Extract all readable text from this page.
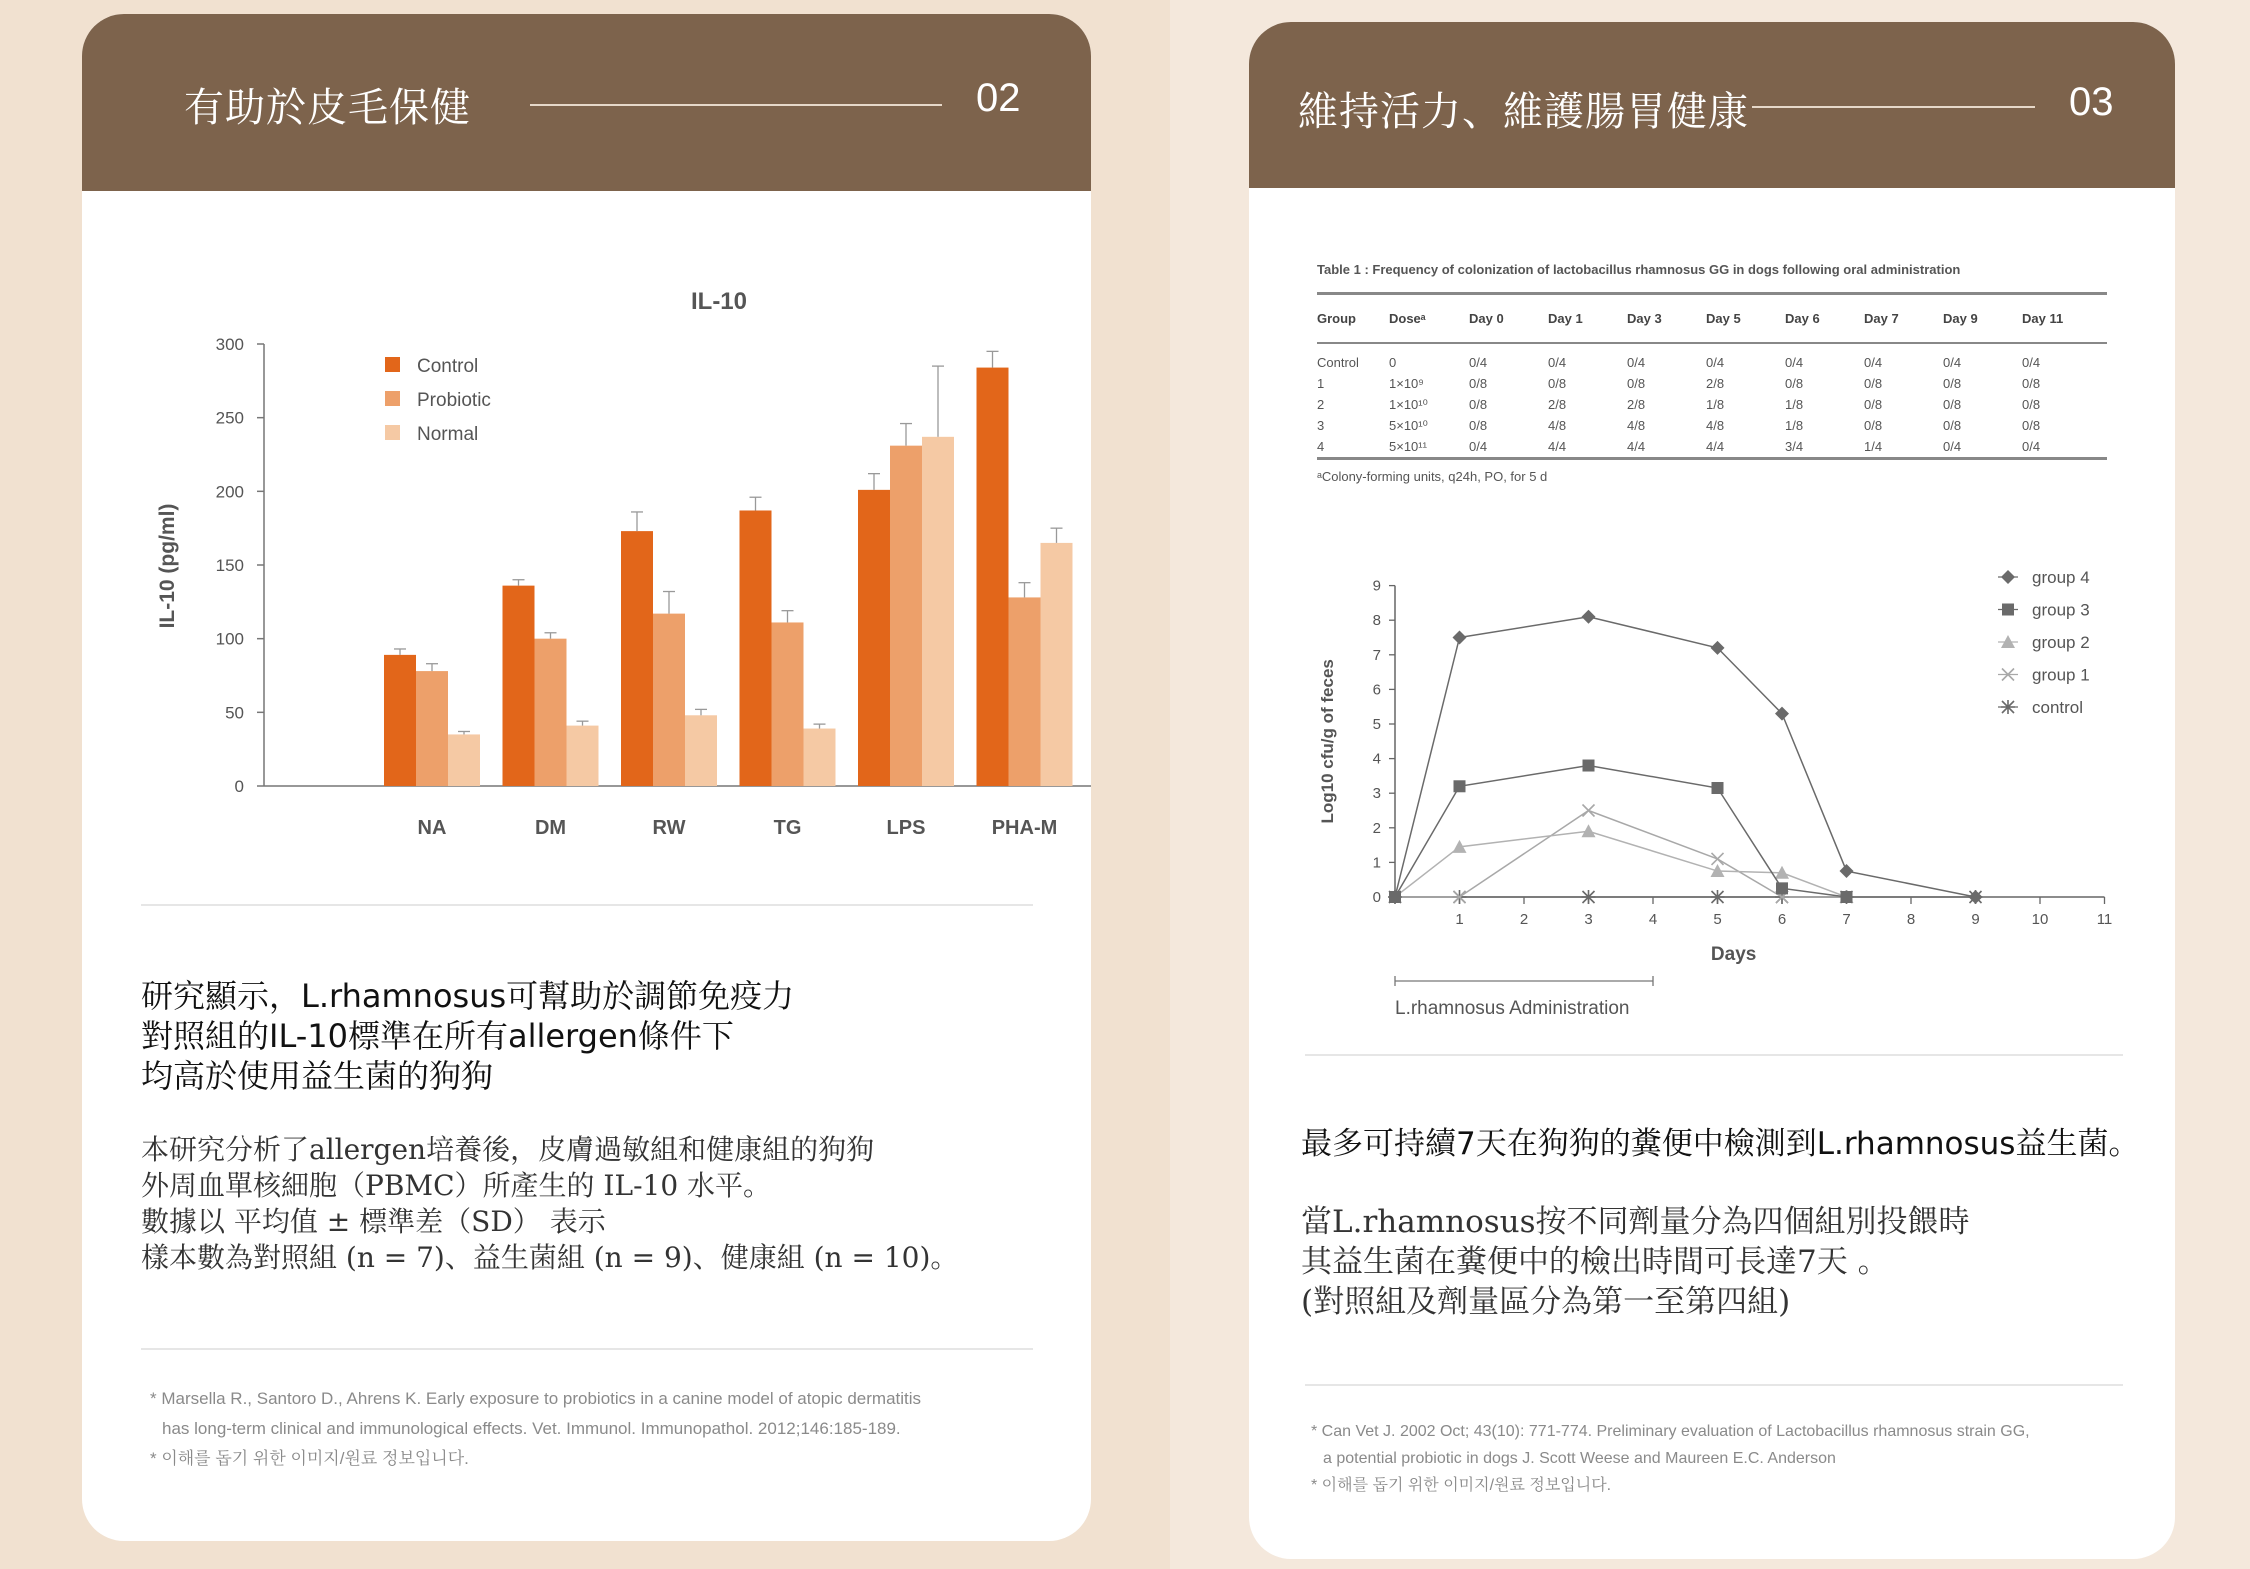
有助於皮毛保健	02
IL-10
IL-10 (pg/ml)
0
50
100
150
200
250
300
NA	DM	RW	TG	LPS	PHA-M
Control
Probiotic
Normal
研究顯示，L.rhamnosus可幫助於調節免疫力
對照組的IL-10標準在所有allergen條件下
均高於使用益生菌的狗狗
本研究分析了allergen培養後，皮膚過敏組和健康組的狗狗
外周血單核細胞（PBMC）所產生的 IL-10 水平。
數據以 平均值 ± 標準差（SD） 表示
樣本數為對照組 (n = 7)、益生菌組 (n = 9)、健康組 (n = 10)。
* Marsella R., Santoro D., Ahrens K. Early exposure to probiotics in a canine model of atopic dermatitis
has long-term clinical and immunological effects. Vet. Immunol. Immunopathol. 2012;146:185-189.
* 이해를 돕기 위한 이미지/원료 정보입니다.
維持活力、維護腸胃健康	03
Table 1 : Frequency of colonization of lactobacillus rhamnosus GG in dogs following oral administration
Group	Doseᵃ	Day 0	Day 1	Day 3	Day 5	Day 6	Day 7	Day 9	Day 11
Control	0	0/4	0/4	0/4	0/4	0/4	0/4	0/4	0/4
1	1×10⁹	0/8	0/8	0/8	2/8	0/8	0/8	0/8	0/8
2	1×10¹⁰	0/8	2/8	2/8	1/8	1/8	0/8	0/8	0/8
3	5×10¹⁰	0/8	4/8	4/8	4/8	1/8	0/8	0/8	0/8
4	5×10¹¹	0/4	4/4	4/4	4/4	3/4	1/4	0/4	0/4
ᵃColony-forming units, q24h, PO, for 5 d
0
1
2
3
4
5
6
7
8
9
1	2	3	4	5	6	7	8	9	10	11
Days
Log10 cfu/g of feces
L.rhamnosus Administration
group 4
group 3
group 2
group 1
control
最多可持續7天在狗狗的糞便中檢測到L.rhamnosus益生菌。
當L.rhamnosus按不同劑量分為四個組別投餵時
其益生菌在糞便中的檢出時間可長達7天 。
(對照組及劑量區分為第一至第四組)
* Can Vet J. 2002 Oct; 43(10): 771-774. Preliminary evaluation of Lactobacillus rhamnosus strain GG,
a potential probiotic in dogs J. Scott Weese and Maureen E.C. Anderson
* 이해를 돕기 위한 이미지/원료 정보입니다.
